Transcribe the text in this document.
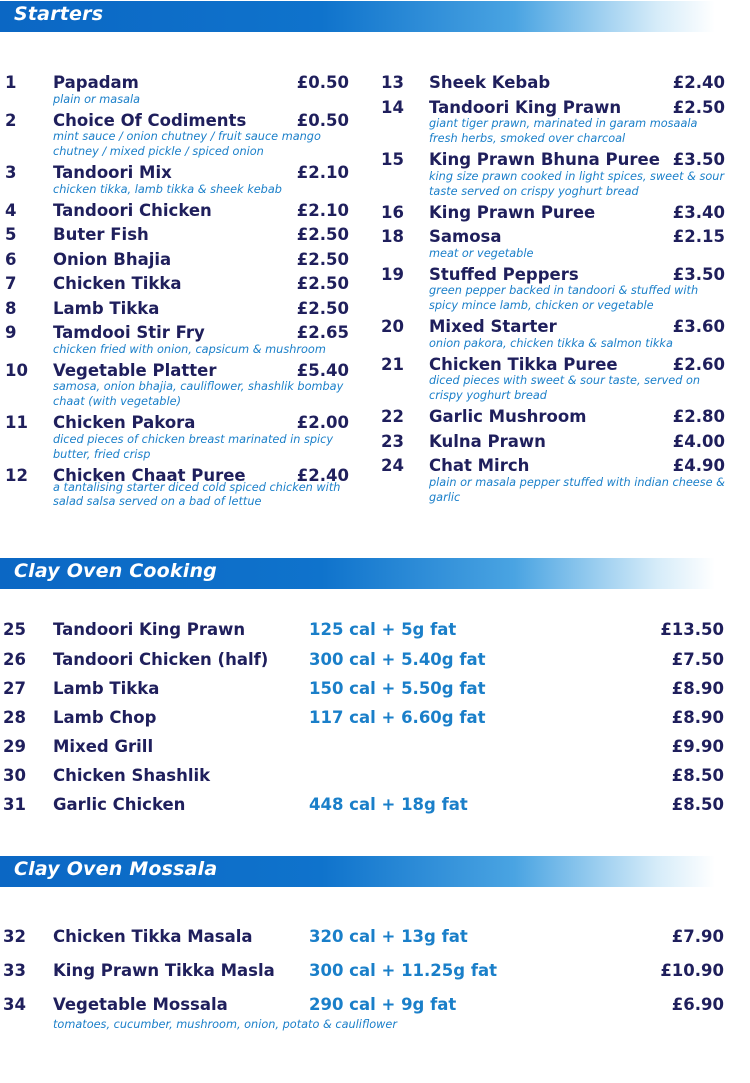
Starters
1 Papadam	£0.50
plain or masala
2 Choice Of Codiments	£0.50
mint sauce / onion chutney / fruit sauce mango chutney / mixed pickle / spiced onion
3 Tandoori Mix	£2.10
chicken tikka, lamb tikka & sheek kebab
4 Tandoori Chicken	£2.10
5 Buter Fish	£2.50
6 Onion Bhajia	£2.50
7 Chicken Tikka	£2.50
8 Lamb Tikka	£2.50
9 Tamdooi Stir Fry	£2.65
chicken fried with onion, capsicum & mushroom
10 Vegetable Platter	£5.40
samosa, onion bhajia, cauliflower, shashlik bombay chaat (with vegetable)
11 Chicken Pakora	£2.00
diced pieces of chicken breast marinated in spicy butter, fried crisp
12 Chicken Chaat Puree	£2.40
a tantalising starter diced cold spiced chicken with salad salsa served on a bad of lettue
13 Sheek Kebab	£2.40
14 Tandoori King Prawn	£2.50
giant tiger prawn, marinated in garam mosaala fresh herbs, smoked over charcoal
15 King Prawn Bhuna Puree £3.50
king size prawn cooked in light spices, sweet & sour taste served on crispy yoghurt bread
16 King Prawn Puree	£3.40
18 Samosa	£2.15
meat or vegetable
19 Stuffed Peppers	£3.50
green pepper backed in tandoori & stuffed with spicy mince lamb, chicken or vegetable
20 Mixed Starter	£3.60
onion pakora, chicken tikka & salmon tikka
21 Chicken Tikka Puree	£2.60
diced pieces with sweet & sour taste, served on crispy yoghurt bread
22 Garlic Mushroom	£2.80
23 Kulna Prawn	£4.00
24 Chat Mirch	£4.90
plain or masala pepper stuffed with indian cheese & garlic
Clay Oven Cooking
25 Tandoori King Prawn	125 cal + 5g fat	£13.50
26 Tandoori Chicken (half) 300 cal + 5.40g fat	£7.50
27 Lamb Tikka	150 cal + 5.50g fat	£8.90
28 Lamb Chop	117 cal + 6.60g fat	£8.90
29 Mixed Grill	£9.90
30 Chicken Shashlik	£8.50
31 Garlic Chicken	448 cal + 18g fat	£8.50
Clay Oven Mossala
32 Chicken Tikka Masala	320 cal + 13g fat	£7.90
33 King Prawn Tikka Masla 300 cal + 11.25g fat	£10.90
34 Vegetable Mossala	290 cal + 9g fat	£6.90
tomatoes, cucumber, mushroom, onion, potato & cauliflower
